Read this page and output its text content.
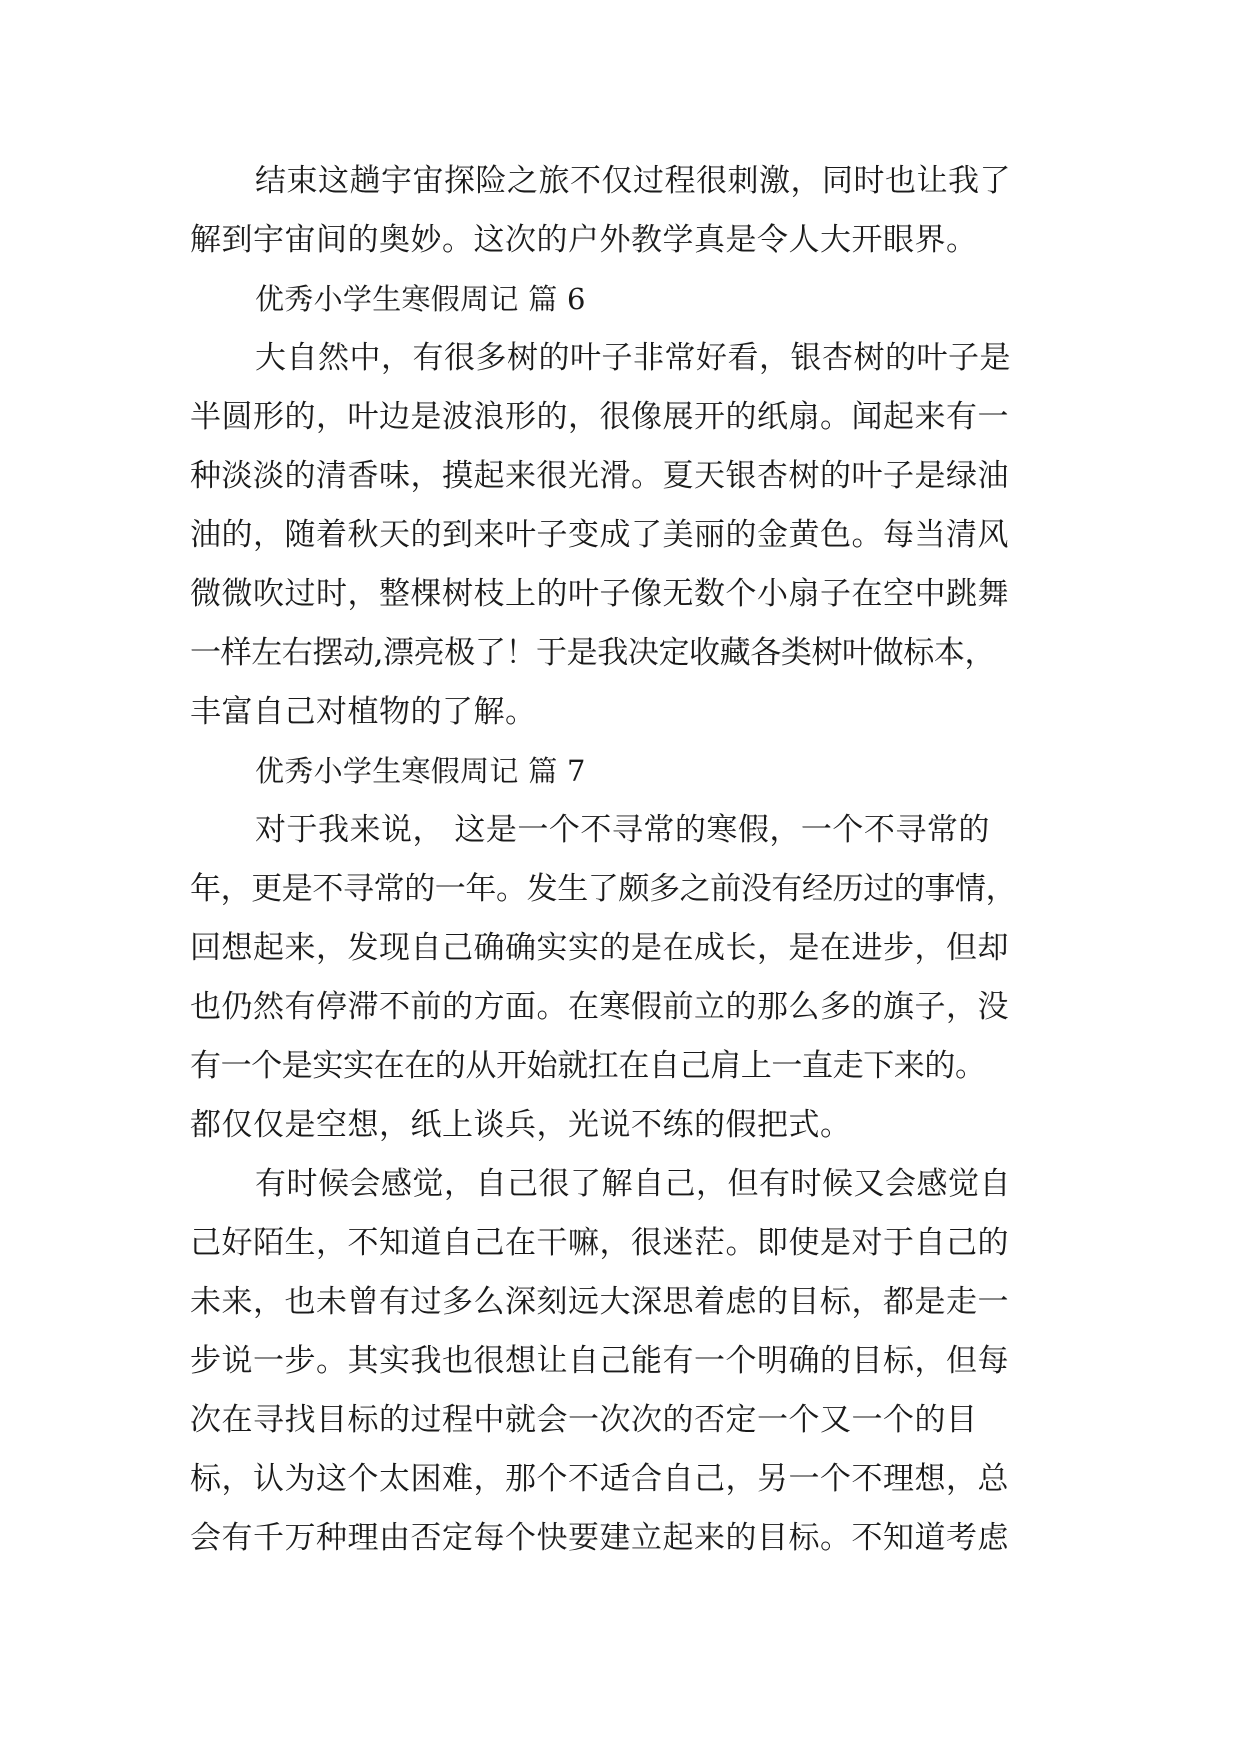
结束这趟宇宙探险之旅不仅过程很刺激，同时也让我了
解到宇宙间的奥妙。这次的户外教学真是令人大开眼界。
优秀小学生寒假周记 篇 6
大自然中，有很多树的叶子非常好看，银杏树的叶子是
半圆形的，叶边是波浪形的，很像展开的纸扇。闻起来有一
种淡淡的清香味，摸起来很光滑。夏天银杏树的叶子是绿油
油的，随着秋天的到来叶子变成了美丽的金黄色。每当清风
微微吹过时，整棵树枝上的叶子像无数个小扇子在空中跳舞
一样左右摆动,漂亮极了！于是我决定收藏各类树叶做标本，
丰富自己对植物的了解。
优秀小学生寒假周记 篇 7
对于我来说， 这是一个不寻常的寒假，一个不寻常的
年，更是不寻常的一年。发生了颇多之前没有经历过的事情，
回想起来，发现自己确确实实的是在成长，是在进步，但却
也仍然有停滞不前的方面。在寒假前立的那么多的旗子，没
有一个是实实在在的从开始就扛在自己肩上一直走下来的。
都仅仅是空想，纸上谈兵，光说不练的假把式。
有时候会感觉，自己很了解自己，但有时候又会感觉自
己好陌生，不知道自己在干嘛，很迷茫。即使是对于自己的
未来，也未曾有过多么深刻远大深思着虑的目标，都是走一
步说一步。其实我也很想让自己能有一个明确的目标，但每
次在寻找目标的过程中就会一次次的否定一个又一个的目
标，认为这个太困难，那个不适合自己，另一个不理想，总
会有千万种理由否定每个快要建立起来的目标。不知道考虑
